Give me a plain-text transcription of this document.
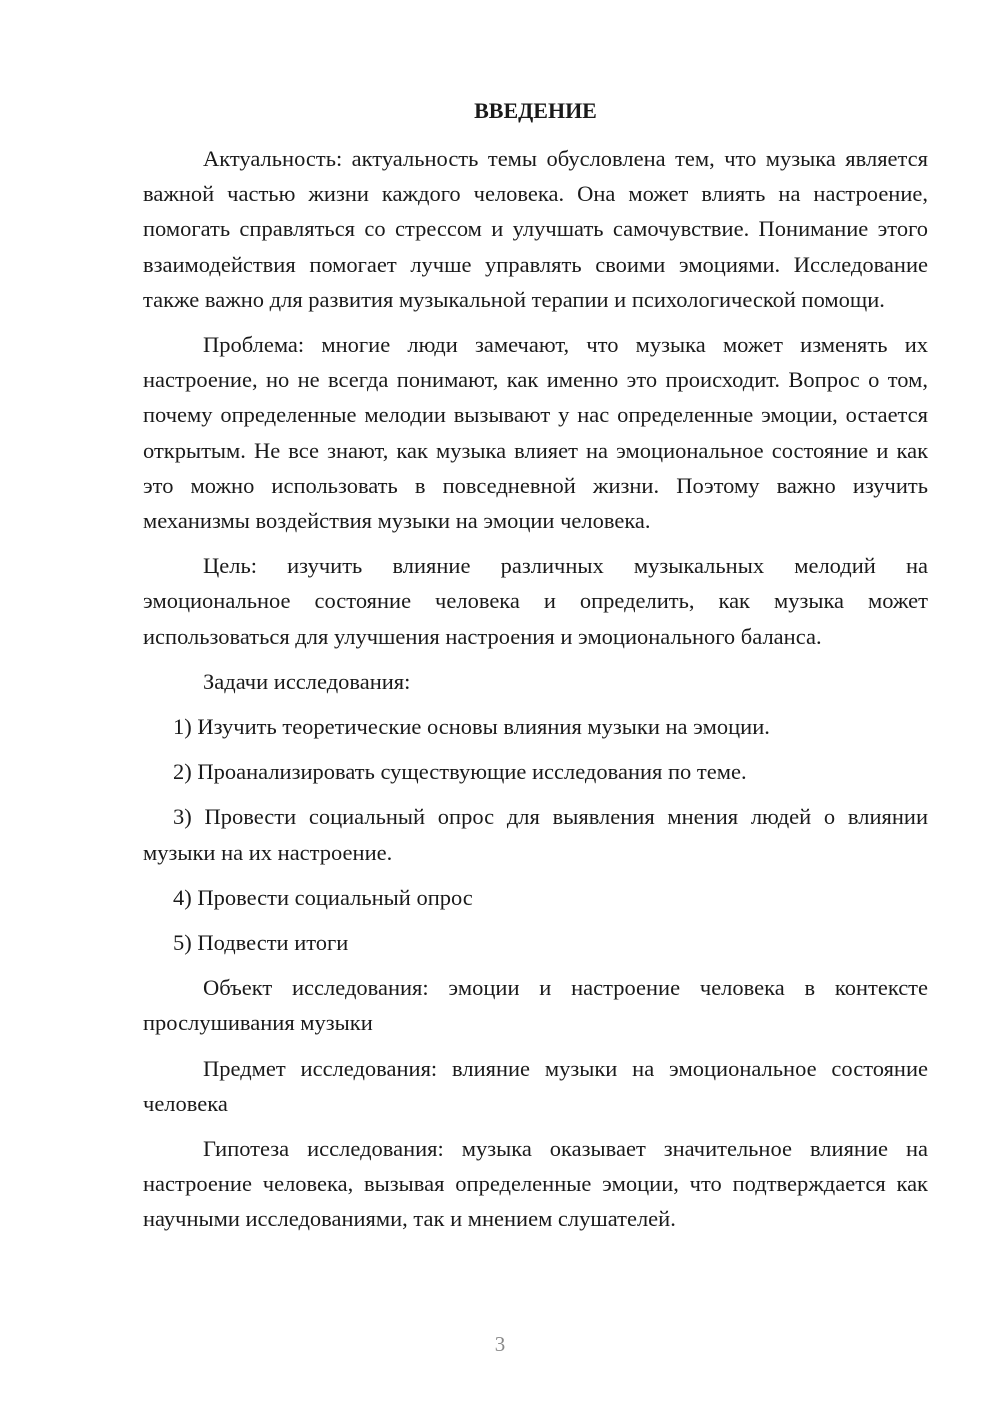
ВВЕДЕНИЕ

Актуальность: актуальность темы обусловлена тем, что музыка является важной частью жизни каждого человека. Она может влиять на настроение, помогать справляться со стрессом и улучшать самочувствие. Понимание этого взаимодействия помогает лучше управлять своими эмоциями. Исследование также важно для развития музыкальной терапии и психологической помощи.

Проблема: многие люди замечают, что музыка может изменять их настроение, но не всегда понимают, как именно это происходит. Вопрос о том, почему определенные мелодии вызывают у нас определенные эмоции, остается открытым. Не все знают, как музыка влияет на эмоциональное состояние и как это можно использовать в повседневной жизни. Поэтому важно изучить механизмы воздействия музыки на эмоции человека.

Цель: изучить влияние различных музыкальных мелодий на эмоциональное состояние человека и определить, как музыка может использоваться для улучшения настроения и эмоционального баланса.

Задачи исследования:

1) Изучить теоретические основы влияния музыки на эмоции.

2) Проанализировать существующие исследования по теме.

3) Провести социальный опрос для выявления мнения людей о влиянии музыки на их настроение.

4) Провести социальный опрос

5) Подвести итоги

Объект исследования: эмоции и настроение человека в контексте прослушивания музыки

Предмет исследования: влияние музыки на эмоциональное состояние человека

Гипотеза исследования: музыка оказывает значительное влияние на настроение человека, вызывая определенные эмоции, что подтверждается как научными исследованиями, так и мнением слушателей.

3
